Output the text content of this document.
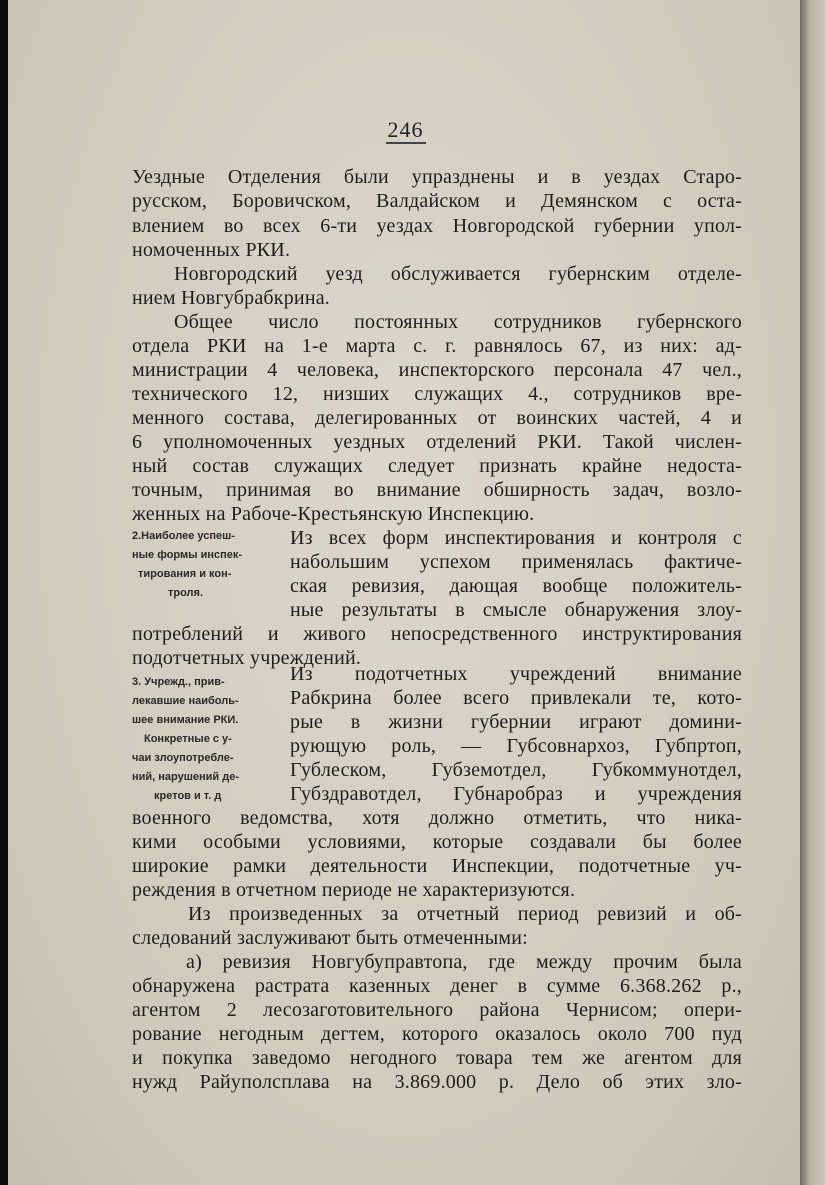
246
Уездные Отделения были упразднены и в уездах Старо-
русском, Боровичском, Валдайском и Демянском с оста-
влением во всех 6-ти уездах Новгородской губернии упол-
номоченных РКИ.
Новгородский уезд обслуживается губернским отделе-
нием Новгубрабкрина.
Общее число постоянных сотрудников губернского
отдела РКИ на 1-е марта с. г. равнялось 67, из них: ад-
министрации 4 человека, инспекторского персонала 47 чел.,
технического 12, низших служащих 4., сотрудников вре-
менного состава, делегированных от воинских частей, 4 и
6 уполномоченных уездных отделений РКИ. Такой числен-
ный состав служащих следует признать крайне недоста-
точным, принимая во внимание обширность задач, возло-
женных на Рабоче-Крестьянскую Инспекцию.
2.Наиболее успеш-
ные формы инспек-
тирования и кон-
троля.
Из всех форм инспектирования и контроля с
набольшим успехом применялась фактиче-
ская ревизия, дающая вообще положитель-
ные результаты в смысле обнаружения злоу-
потреблений и живого непосредственного инструктирования
подотчетных учреждений.
3. Учрежд., прив-
лекавшие наиболь-
шее внимание РКИ.
Конкретные с у-
чаи злоупотребле-
ний, нарушений де-
кретов и т. д
Из подотчетных учреждений внимание
Рабкрина более всего привлекали те, кото-
рые в жизни губернии играют домини-
рующую роль, — Губсовнархоз, Губпртоп,
Гублеском, Губземотдел, Губкоммунотдел,
Губздравотдел, Губнаробраз и учреждения
военного ведомства, хотя должно отметить, что ника-
кими особыми условиями, которые создавали бы более
широкие рамки деятельности Инспекции, подотчетные уч-
реждения в отчетном периоде не характеризуются.
Из произведенных за отчетный период ревизий и об-
следований заслуживают быть отмеченными:
а) ревизия Новгубуправтопа, где между прочим была
обнаружена растрата казенных денег в сумме 6.368.262 р.,
агентом 2 лесозаготовительного района Чернисом; опери-
рование негодным дегтем, которого оказалось около 700 пуд
и покупка заведомо негодного товара тем же агентом для
нужд Райуполсплава на 3.869.000 р. Дело об этих зло-
